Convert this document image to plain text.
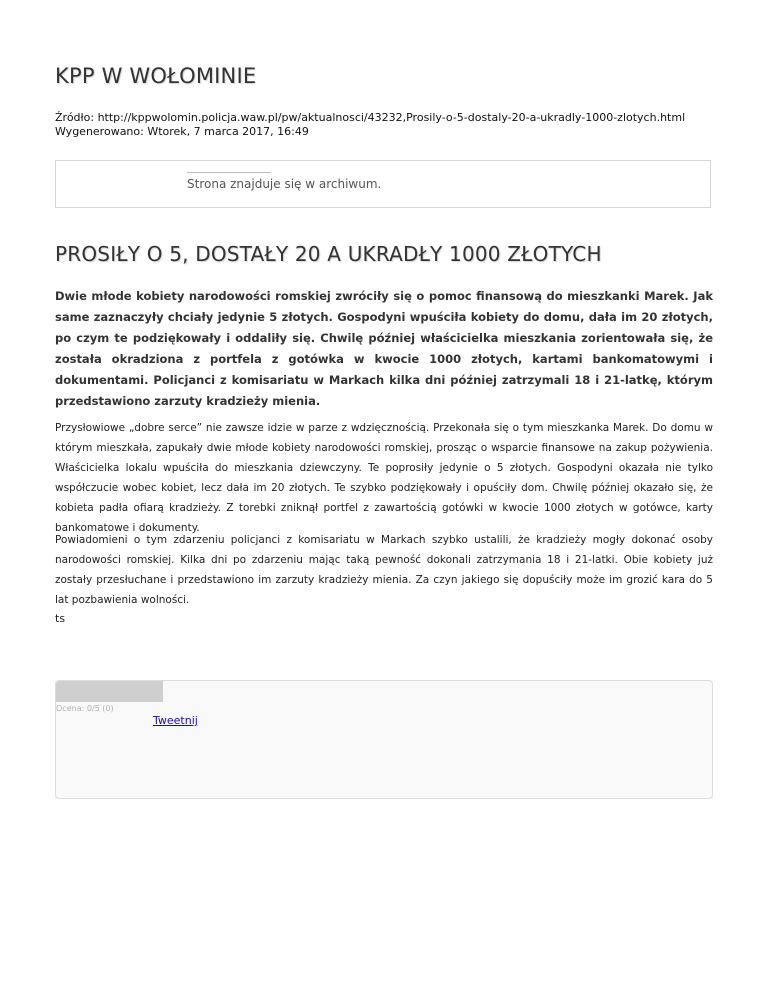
KPP W WOŁOMINIE
Źródło: http://kppwolomin.policja.waw.pl/pw/aktualnosci/43232,Prosily-o-5-dostaly-20-a-ukradly-1000-zlotych.html
Wygenerowano: Wtorek, 7 marca 2017, 16:49
Strona znajduje się w archiwum.
PROSIŁY O 5, DOSTAŁY 20 A UKRADŁY 1000 ZŁOTYCH

Dwie młode kobiety narodowości romskiej zwróciły się o pomoc finansową do mieszkanki Marek. Jak same zaznaczyły chciały jedynie 5 złotych. Gospodyni wpuściła kobiety do domu, dała im 20 złotych, po czym te podziękowały i oddaliły się. Chwilę później właścicielka mieszkania zorientowała się, że została okradziona z portfela z gotówka w kwocie 1000 złotych, kartami bankomatowymi i dokumentami. Policjanci z komisariatu w Markach kilka dni później zatrzymali 18 i 21-latkę, którym przedstawiono zarzuty kradzieży mienia.

Przysłowiowe „dobre serce” nie zawsze idzie w parze z wdzięcznością. Przekonała się o tym mieszkanka Marek. Do domu w którym mieszkała, zapukały dwie młode kobiety narodowości romskiej, prosząc o wsparcie finansowe na zakup pożywienia. Właścicielka lokalu wpuściła do mieszkania dziewczyny. Te poprosiły jedynie o 5 złotych. Gospodyni okazała nie tylko współczucie wobec kobiet, lecz dała im 20 złotych. Te szybko podziękowały i opuściły dom. Chwilę później okazało się, że kobieta padła ofiarą kradzieży. Z torebki zniknął portfel z zawartością gotówki w kwocie 1000 złotych w gotówce, karty bankomatowe i dokumenty.

Powiadomieni o tym zdarzeniu policjanci z komisariatu w Markach szybko ustalili, że kradzieży mogły dokonać osoby narodowości romskiej. Kilka dni po zdarzeniu mając taką pewność dokonali zatrzymania 18 i 21-latki. Obie kobiety już zostały przesłuchane i przedstawiono im zarzuty kradzieży mienia. Za czyn jakiego się dopuściły może im grozić kara do 5 lat pozbawienia wolności.

ts
Ocena: 0/5 (0)
Tweetnij
